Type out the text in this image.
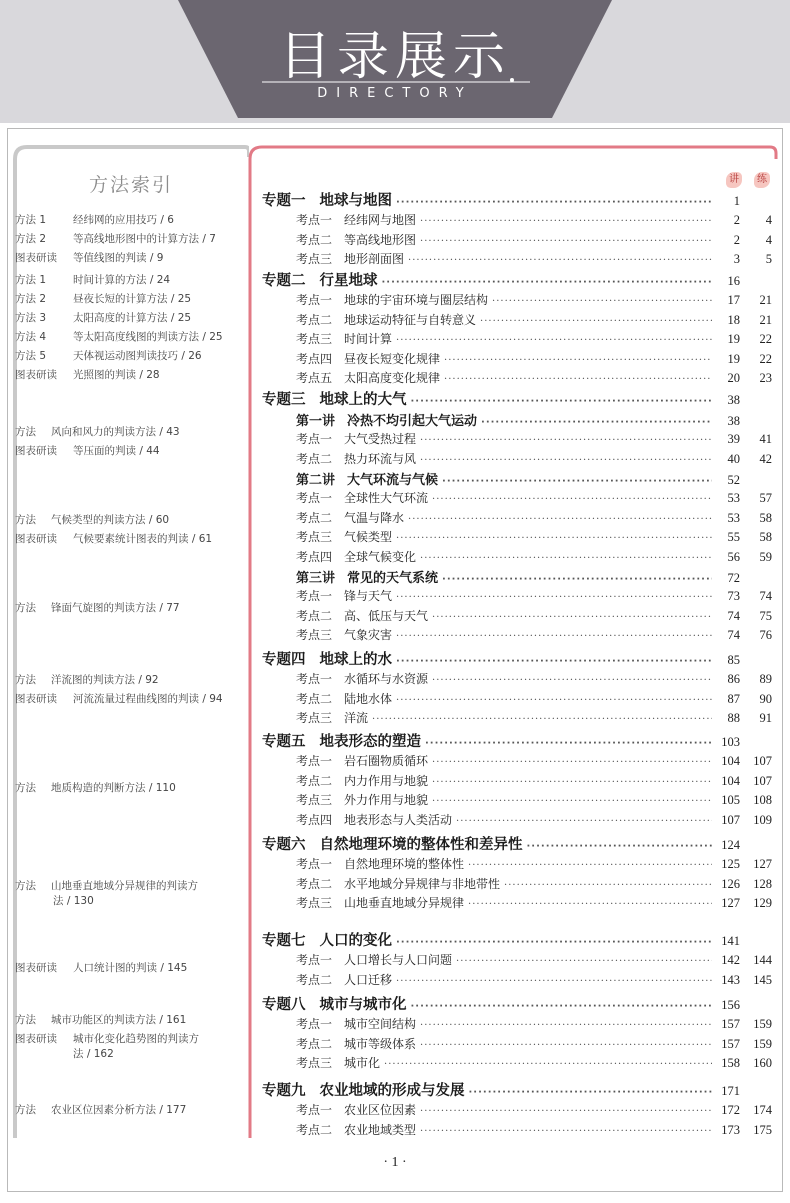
目录展示
DIRECTORY
方法索引
方法 1	经纬网的应用技巧 / 6
方法 2	等高线地形图中的计算方法 / 7
图表研读 等值线图的判读 / 9
方法 1	时间计算的方法 / 24
方法 2	昼夜长短的计算方法 / 25
方法 3	太阳高度的计算方法 / 25
方法 4	等太阳高度线图的判读方法 / 25
方法 5	天体视运动图判读技巧 / 26
图表研读 光照图的判读 / 28
方法 风向和风力的判读方法 / 43
图表研读 等压面的判读 / 44
方法 气候类型的判读方法 / 60
图表研读 气候要素统计图表的判读 / 61
方法 锋面气旋图的判读方法 / 77
方法 洋流图的判读方法 / 92
图表研读 河流流量过程曲线图的判读 / 94
方法 地质构造的判断方法 / 110
方法 山地垂直地域分异规律的判读方
法 / 130
图表研读 人口统计图的判读 / 145
方法 城市功能区的判读方法 / 161
图表研读 城市化变化趋势图的判读方
法 / 162
方法 农业区位因素分析方法 / 177
讲	练
专题一 地球与地图 ·····	1
考点一 经纬网与地图 ·····	2	4
考点二 等高线地形图 ·····	2	4
考点三 地形剖面图 ·····	3	5
专题二 行星地球 ·····	16
考点一 地球的宇宙环境与圈层结构 ·····	17	21
考点二 地球运动特征与自转意义 ·····	18	21
考点三 时间计算 ·····	19	22
考点四 昼夜长短变化规律 ·····	19	22
考点五 太阳高度变化规律 ·····	20	23
专题三 地球上的大气 ·····	38
第一讲 冷热不均引起大气运动 ·····	38
考点一 大气受热过程 ·····	39	41
考点二 热力环流与风 ·····	40	42
第二讲 大气环流与气候 ·····	52
考点一 全球性大气环流 ·····	53	57
考点二 气温与降水 ·····	53	58
考点三 气候类型 ·····	55	58
考点四 全球气候变化 ·····	56	59
第三讲 常见的天气系统 ·····	72
考点一 锋与天气 ·····	73	74
考点二 高、低压与天气 ·····	74	75
考点三 气象灾害 ·····	74	76
专题四 地球上的水 ·····	85
考点一 水循环与水资源 ·····	86	89
考点二 陆地水体 ·····	87	90
考点三 洋流 ·····	88	91
专题五 地表形态的塑造 ·····	103
考点一 岩石圈物质循环 ·····	104	107
考点二 内力作用与地貌 ·····	104	107
考点三 外力作用与地貌 ·····	105	108
考点四 地表形态与人类活动 ·····	107	109
专题六 自然地理环境的整体性和差异性 ·····	124
考点一 自然地理环境的整体性 ·····	125	127
考点二 水平地域分异规律与非地带性 ·····	126	128
考点三 山地垂直地域分异规律 ·····	127	129
专题七 人口的变化 ·····	141
考点一 人口增长与人口问题 ·····	142	144
考点二 人口迁移 ·····	143	145
专题八 城市与城市化 ·····	156
考点一 城市空间结构 ·····	157	159
考点二 城市等级体系 ·····	157	159
考点三 城市化 ·····	158	160
专题九 农业地域的形成与发展 ·····	171
考点一 农业区位因素 ·····	172	174
考点二 农业地域类型 ·····	173	175
· 1 ·
